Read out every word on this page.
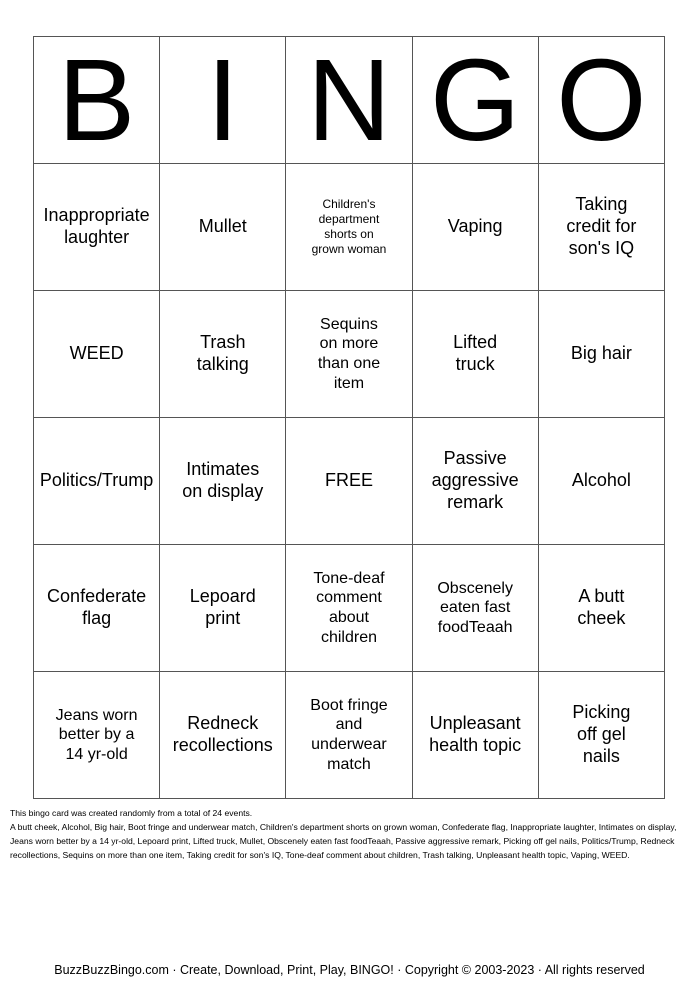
B	I	N	G	O
Inappropriate laughter	Mullet	Children's department shorts on grown woman	Vaping	Taking credit for son's IQ
WEED	Trash talking	Sequins on more than one item	Lifted truck	Big hair
Politics/Trump	Intimates on display	FREE	Passive aggressive remark	Alcohol
Confederate flag	Lepoard print	Tone-deaf comment about children	Obscenely eaten fast foodTeaah	A butt cheek
Jeans worn better by a 14 yr-old	Redneck recollections	Boot fringe and underwear match	Unpleasant health topic	Picking off gel nails
This bingo card was created randomly from a total of 24 events.
A butt cheek, Alcohol, Big hair, Boot fringe and underwear match, Children's department shorts on grown woman, Confederate flag, Inappropriate laughter, Intimates on display, Jeans worn better by a 14 yr-old, Lepoard print, Lifted truck, Mullet, Obscenely eaten fast foodTeaah, Passive aggressive remark, Picking off gel nails, Politics/Trump, Redneck recollections, Sequins on more than one item, Taking credit for son's IQ, Tone-deaf comment about children, Trash talking, Unpleasant health topic, Vaping, WEED.
BuzzBuzzBingo.com · Create, Download, Print, Play, BINGO! · Copyright © 2003-2023 · All rights reserved
